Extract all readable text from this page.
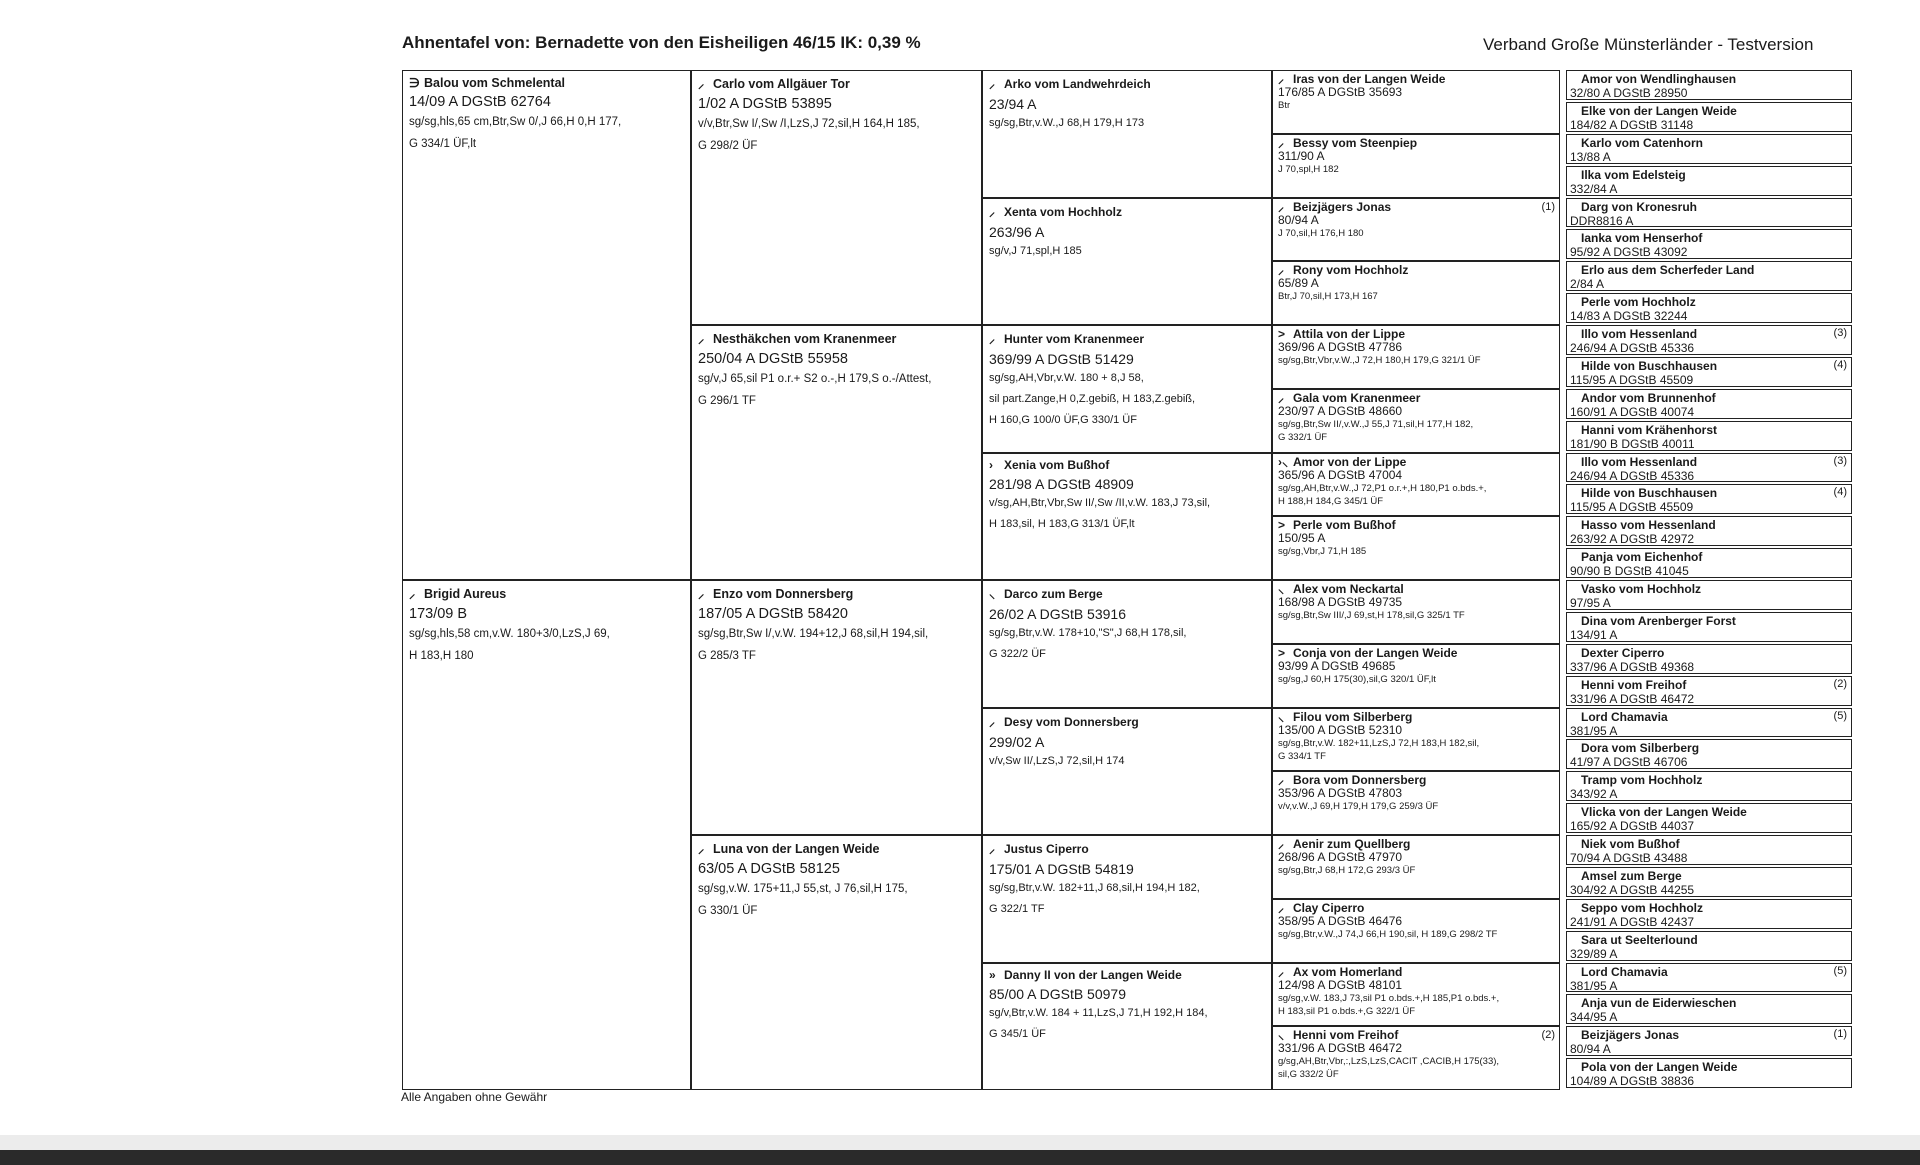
Ahnentafel von: Bernadette von den Eisheiligen 46/15 IK: 0,39 %	Verband Große Münsterländer - Testversion
∋ Balou vom Schmelental
14/09 A DGStB 62764
sg/sg,hls,65 cm,Btr,Sw 0/,J 66,H 0,H 177,
G 334/1 ÜF,lt
⸝ Brigid Aureus
173/09 B
sg/sg,hls,58 cm,v.W. 180+3/0,LzS,J 69,
H 183,H 180
⸝ Carlo vom Allgäuer Tor
1/02 A DGStB 53895
v/v,Btr,Sw I/,Sw /I,LzS,J 72,sil,H 164,H 185,
G 298/2 ÜF
⸝ Nesthäkchen vom Kranenmeer
250/04 A DGStB 55958
sg/v,J 65,sil P1 o.r.+ S2 o.-,H 179,S o.-/Attest,
G 296/1 TF
⸝ Enzo vom Donnersberg
187/05 A DGStB 58420
sg/sg,Btr,Sw I/,v.W. 194+12,J 68,sil,H 194,sil,
G 285/3 TF
⸝ Luna von der Langen Weide
63/05 A DGStB 58125
sg/sg,v.W. 175+11,J 55,st, J 76,sil,H 175,
G 330/1 ÜF
⸝ Arko vom Landwehrdeich
23/94 A
sg/sg,Btr,v.W.,J 68,H 179,H 173
⸝ Xenta vom Hochholz
263/96 A
sg/v,J 71,spl,H 185
⸝ Hunter vom Kranenmeer
369/99 A DGStB 51429
sg/sg,AH,Vbr,v.W. 180 + 8,J 58,
sil part.Zange,H 0,Z.gebiß, H 183,Z.gebiß,
H 160,G 100/0 ÜF,G 330/1 ÜF
› Xenia vom Bußhof
281/98 A DGStB 48909
v/sg,AH,Btr,Vbr,Sw II/,Sw /II,v.W. 183,J 73,sil,
H 183,sil, H 183,G 313/1 ÜF,lt
⸜ Darco zum Berge
26/02 A DGStB 53916
sg/sg,Btr,v.W. 178+10,"S",J 68,H 178,sil,
G 322/2 ÜF
⸝ Desy vom Donnersberg
299/02 A
v/v,Sw II/,LzS,J 72,sil,H 174
⸝ Justus Ciperro
175/01 A DGStB 54819
sg/sg,Btr,v.W. 182+11,J 68,sil,H 194,H 182,
G 322/1 TF
» Danny II von der Langen Weide
85/00 A DGStB 50979
sg/v,Btr,v.W. 184 + 11,LzS,J 71,H 192,H 184,
G 345/1 ÜF
⸝ Iras von der Langen Weide
176/85 A DGStB 35693
Btr
⸝ Bessy vom Steenpiep
311/90 A
J 70,spl,H 182
⸝ Beizjägers Jonas
80/94 A
J 70,sil,H 176,H 180
(1)
⸝ Rony vom Hochholz
65/89 A
Btr,J 70,sil,H 173,H 167
> Attila von der Lippe
369/96 A DGStB 47786
sg/sg,Btr,Vbr,v.W.,J 72,H 180,H 179,G 321/1 ÜF
⸝ Gala vom Kranenmeer
230/97 A DGStB 48660
sg/sg,Btr,Sw II/,v.W.,J 55,J 71,sil,H 177,H 182,
G 332/1 ÜF
›⸜ Amor von der Lippe
365/96 A DGStB 47004
sg/sg,AH,Btr,v.W.,J 72,P1 o.r.+,H 180,P1 o.bds.+,
H 188,H 184,G 345/1 ÜF
> Perle vom Bußhof
150/95 A
sg/sg,Vbr,J 71,H 185
⸜ Alex vom Neckartal
168/98 A DGStB 49735
sg/sg,Btr,Sw III/,J 69,st,H 178,sil,G 325/1 TF
> Conja von der Langen Weide
93/99 A DGStB 49685
sg/sg,J 60,H 175(30),sil,G 320/1 ÜF,lt
⸜ Filou vom Silberberg
135/00 A DGStB 52310
sg/sg,Btr,v.W. 182+11,LzS,J 72,H 183,H 182,sil,
G 334/1 TF
⸝ Bora vom Donnersberg
353/96 A DGStB 47803
v/v,v.W.,J 69,H 179,H 179,G 259/3 ÜF
⸝ Aenir zum Quellberg
268/96 A DGStB 47970
sg/sg,Btr,J 68,H 172,G 293/3 ÜF
⸝ Clay Ciperro
358/95 A DGStB 46476
sg/sg,Btr,v.W.,J 74,J 66,H 190,sil, H 189,G 298/2 TF
⸝ Ax vom Homerland
124/98 A DGStB 48101
sg/sg,v.W. 183,J 73,sil P1 o.bds.+,H 185,P1 o.bds.+,
H 183,sil P1 o.bds.+,G 322/1 ÜF
⸜ Henni vom Freihof
331/96 A DGStB 46472
g/sg,AH,Btr,Vbr,:,LzS,LzS,CACIT ,CACIB,H 175(33),
sil,G 332/2 ÜF
(2)
Amor von Wendlinghausen
32/80 A DGStB 28950
Elke von der Langen Weide
184/82 A DGStB 31148
Karlo vom Catenhorn
13/88 A
Ilka vom Edelsteig
332/84 A
Darg von Kronesruh
DDR8816 A
Ianka vom Henserhof
95/92 A DGStB 43092
Erlo aus dem Scherfeder Land
2/84 A
Perle vom Hochholz
14/83 A DGStB 32244
Illo vom Hessenland
246/94 A DGStB 45336
(3)
Hilde von Buschhausen
115/95 A DGStB 45509
(4)
Andor vom Brunnenhof
160/91 A DGStB 40074
Hanni vom Krähenhorst
181/90 B DGStB 40011
Illo vom Hessenland
246/94 A DGStB 45336
(3)
Hilde von Buschhausen
115/95 A DGStB 45509
(4)
Hasso vom Hessenland
263/92 A DGStB 42972
Panja vom Eichenhof
90/90 B DGStB 41045
Vasko vom Hochholz
97/95 A
Dina vom Arenberger Forst
134/91 A
Dexter Ciperro
337/96 A DGStB 49368
Henni vom Freihof
331/96 A DGStB 46472
(2)
Lord Chamavia
381/95 A
(5)
Dora vom Silberberg
41/97 A DGStB 46706
Tramp vom Hochholz
343/92 A
Vlicka von der Langen Weide
165/92 A DGStB 44037
Niek vom Bußhof
70/94 A DGStB 43488
Amsel zum Berge
304/92 A DGStB 44255
Seppo vom Hochholz
241/91 A DGStB 42437
Sara ut Seelterlound
329/89 A
Lord Chamavia
381/95 A
(5)
Anja vun de Eiderwieschen
344/95 A
Beizjägers Jonas
80/94 A
(1)
Pola von der Langen Weide
104/89 A DGStB 38836
Alle Angaben ohne Gewähr
